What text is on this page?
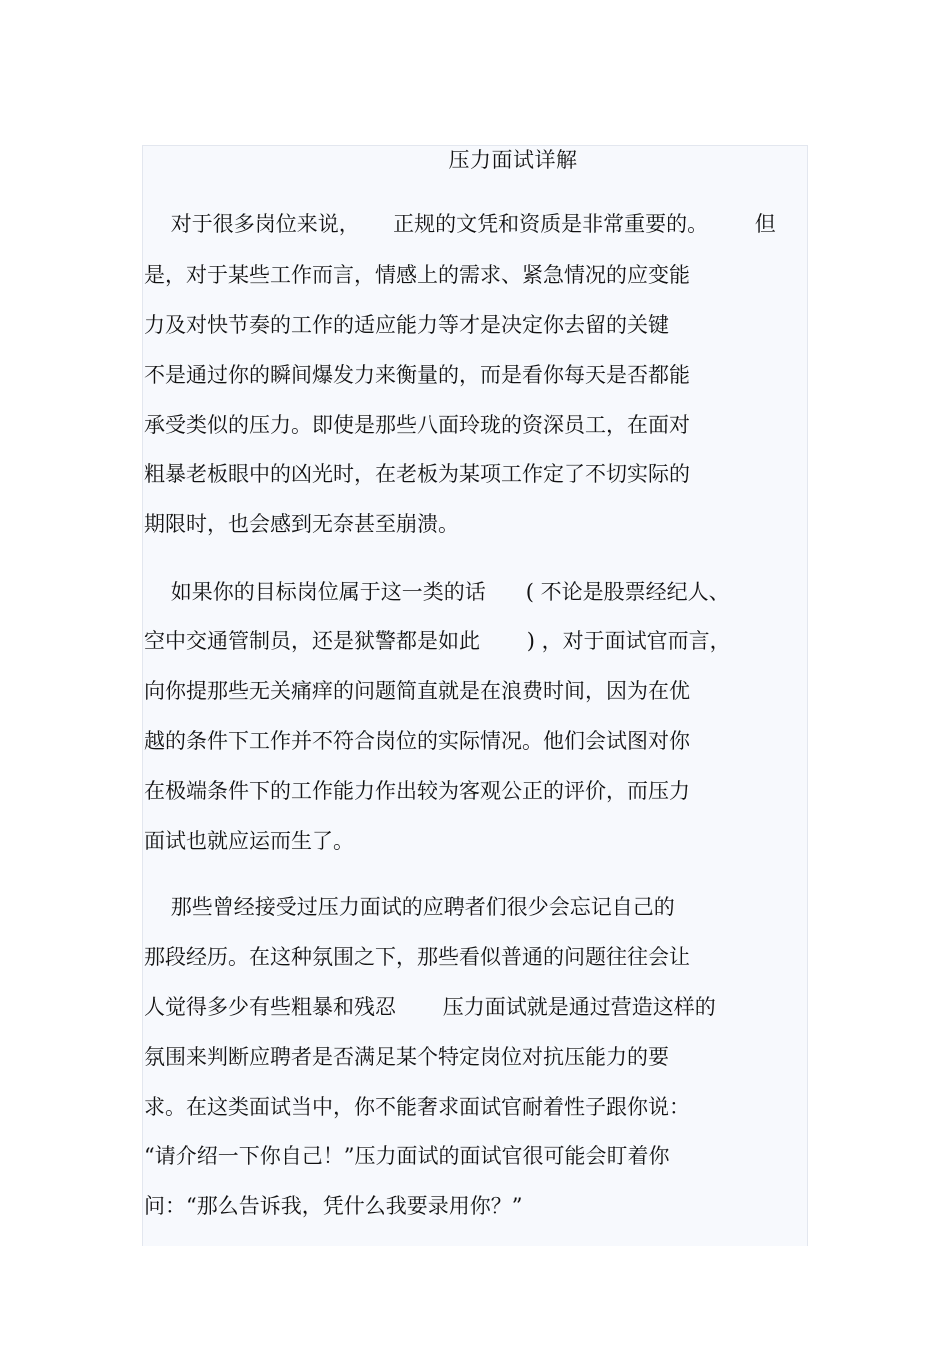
压力面试详解
对于很多岗位来说，     正规的文凭和资质是非常重要的。       但
是，对于某些工作而言，情感上的需求、紧急情况的应变能
力及对快节奏的工作的适应能力等才是决定你去留的关键
不是通过你的瞬间爆发力来衡量的，而是看你每天是否都能
承受类似的压力。即使是那些八面玲珑的资深员工，在面对
粗暴老板眼中的凶光时，在老板为某项工作定了不切实际的
期限时，也会感到无奈甚至崩溃。
如果你的目标岗位属于这一类的话      ( 不论是股票经纪人、
空中交通管制员，还是狱警都是如此       ) ，对于面试官而言，
向你提那些无关痛痒的问题简直就是在浪费时间，因为在优
越的条件下工作并不符合岗位的实际情况。他们会试图对你
在极端条件下的工作能力作出较为客观公正的评价，而压力
面试也就应运而生了。
那些曾经接受过压力面试的应聘者们很少会忘记自己的
那段经历。在这种氛围之下，那些看似普通的问题往往会让
人觉得多少有些粗暴和残忍       压力面试就是通过营造这样的
氛围来判断应聘者是否满足某个特定岗位对抗压能力的要
求。在这类面试当中，你不能奢求面试官耐着性子跟你说：
“请介绍一下你自己！”压力面试的面试官很可能会盯着你
问：“那么告诉我，凭什么我要录用你？”
